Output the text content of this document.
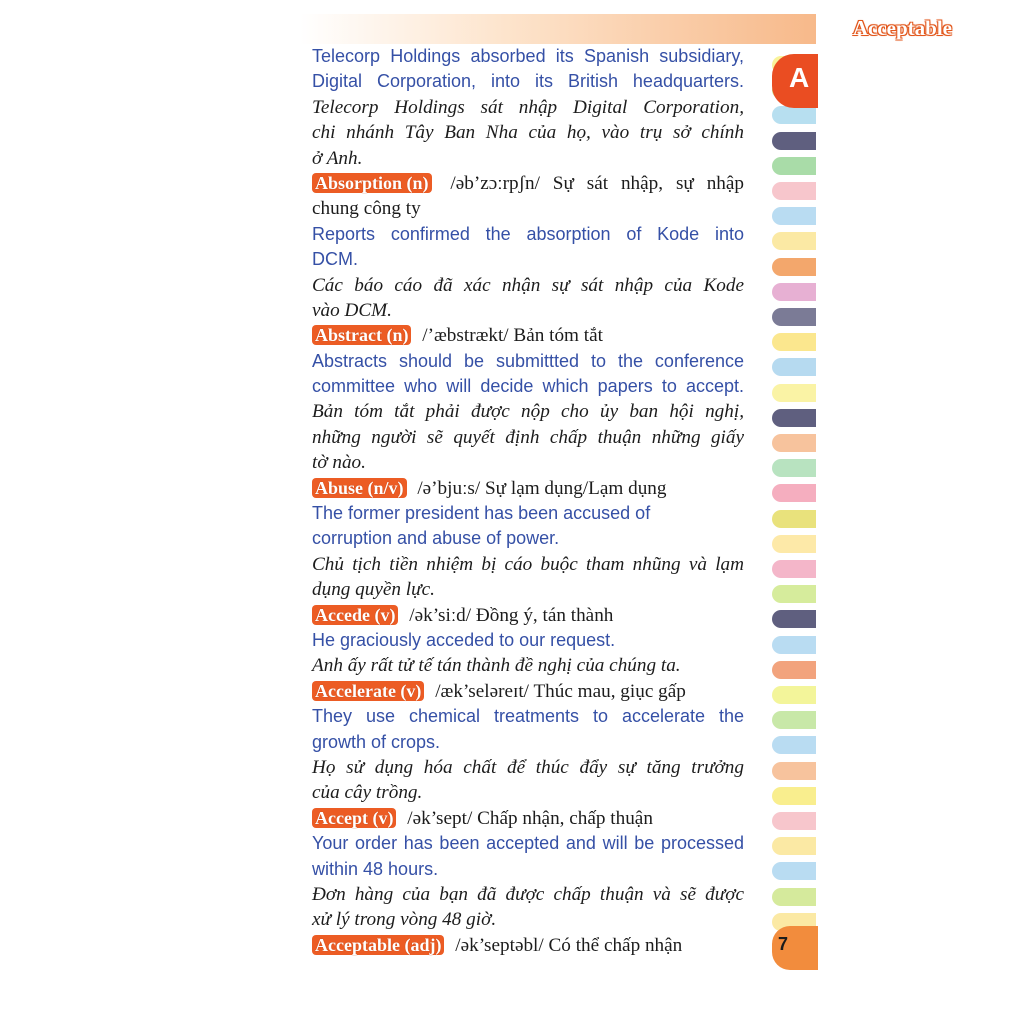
Acceptable
Telecorp Holdings absorbed its Spanish subsidiary,
Digital Corporation, into its British headquarters.
Telecorp Holdings sát nhập Digital Corporation,
chi nhánh Tây Ban Nha của họ, vào trụ sở chính
ở Anh.
Absorption (n) /əb’zɔːrpʃn/ Sự sát nhập, sự nhập
chung công ty
Reports confirmed the absorption of Kode into
DCM.
Các báo cáo đã xác nhận sự sát nhập của Kode
vào DCM.
Abstract (n) /’æbstrækt/ Bản tóm tắt
Abstracts should be submittted to the conference
committee who will decide which papers to accept.
Bản tóm tắt phải được nộp cho ủy ban hội nghị,
những người sẽ quyết định chấp thuận những giấy
tờ nào.
Abuse (n/v) /ə’bjuːs/ Sự lạm dụng/Lạm dụng
The former president has been accused of
corruption and abuse of power.
Chủ tịch tiền nhiệm bị cáo buộc tham nhũng và lạm
dụng quyền lực.
Accede (v) /ək’siːd/ Đồng ý, tán thành
He graciously acceded to our request.
Anh ấy rất tử tế tán thành đề nghị của chúng ta.
Accelerate (v) /æk’seləreɪt/ Thúc mau, giục gấp
They use chemical treatments to accelerate the
growth of crops.
Họ sử dụng hóa chất để thúc đẩy sự tăng trưởng
của cây trồng.
Accept (v) /ək’sept/ Chấp nhận, chấp thuận
Your order has been accepted and will be processed
within 48 hours.
Đơn hàng của bạn đã được chấp thuận và sẽ được
xử lý trong vòng 48 giờ.
Acceptable (adj) /ək’septəbl/ Có thể chấp nhận
A
7
